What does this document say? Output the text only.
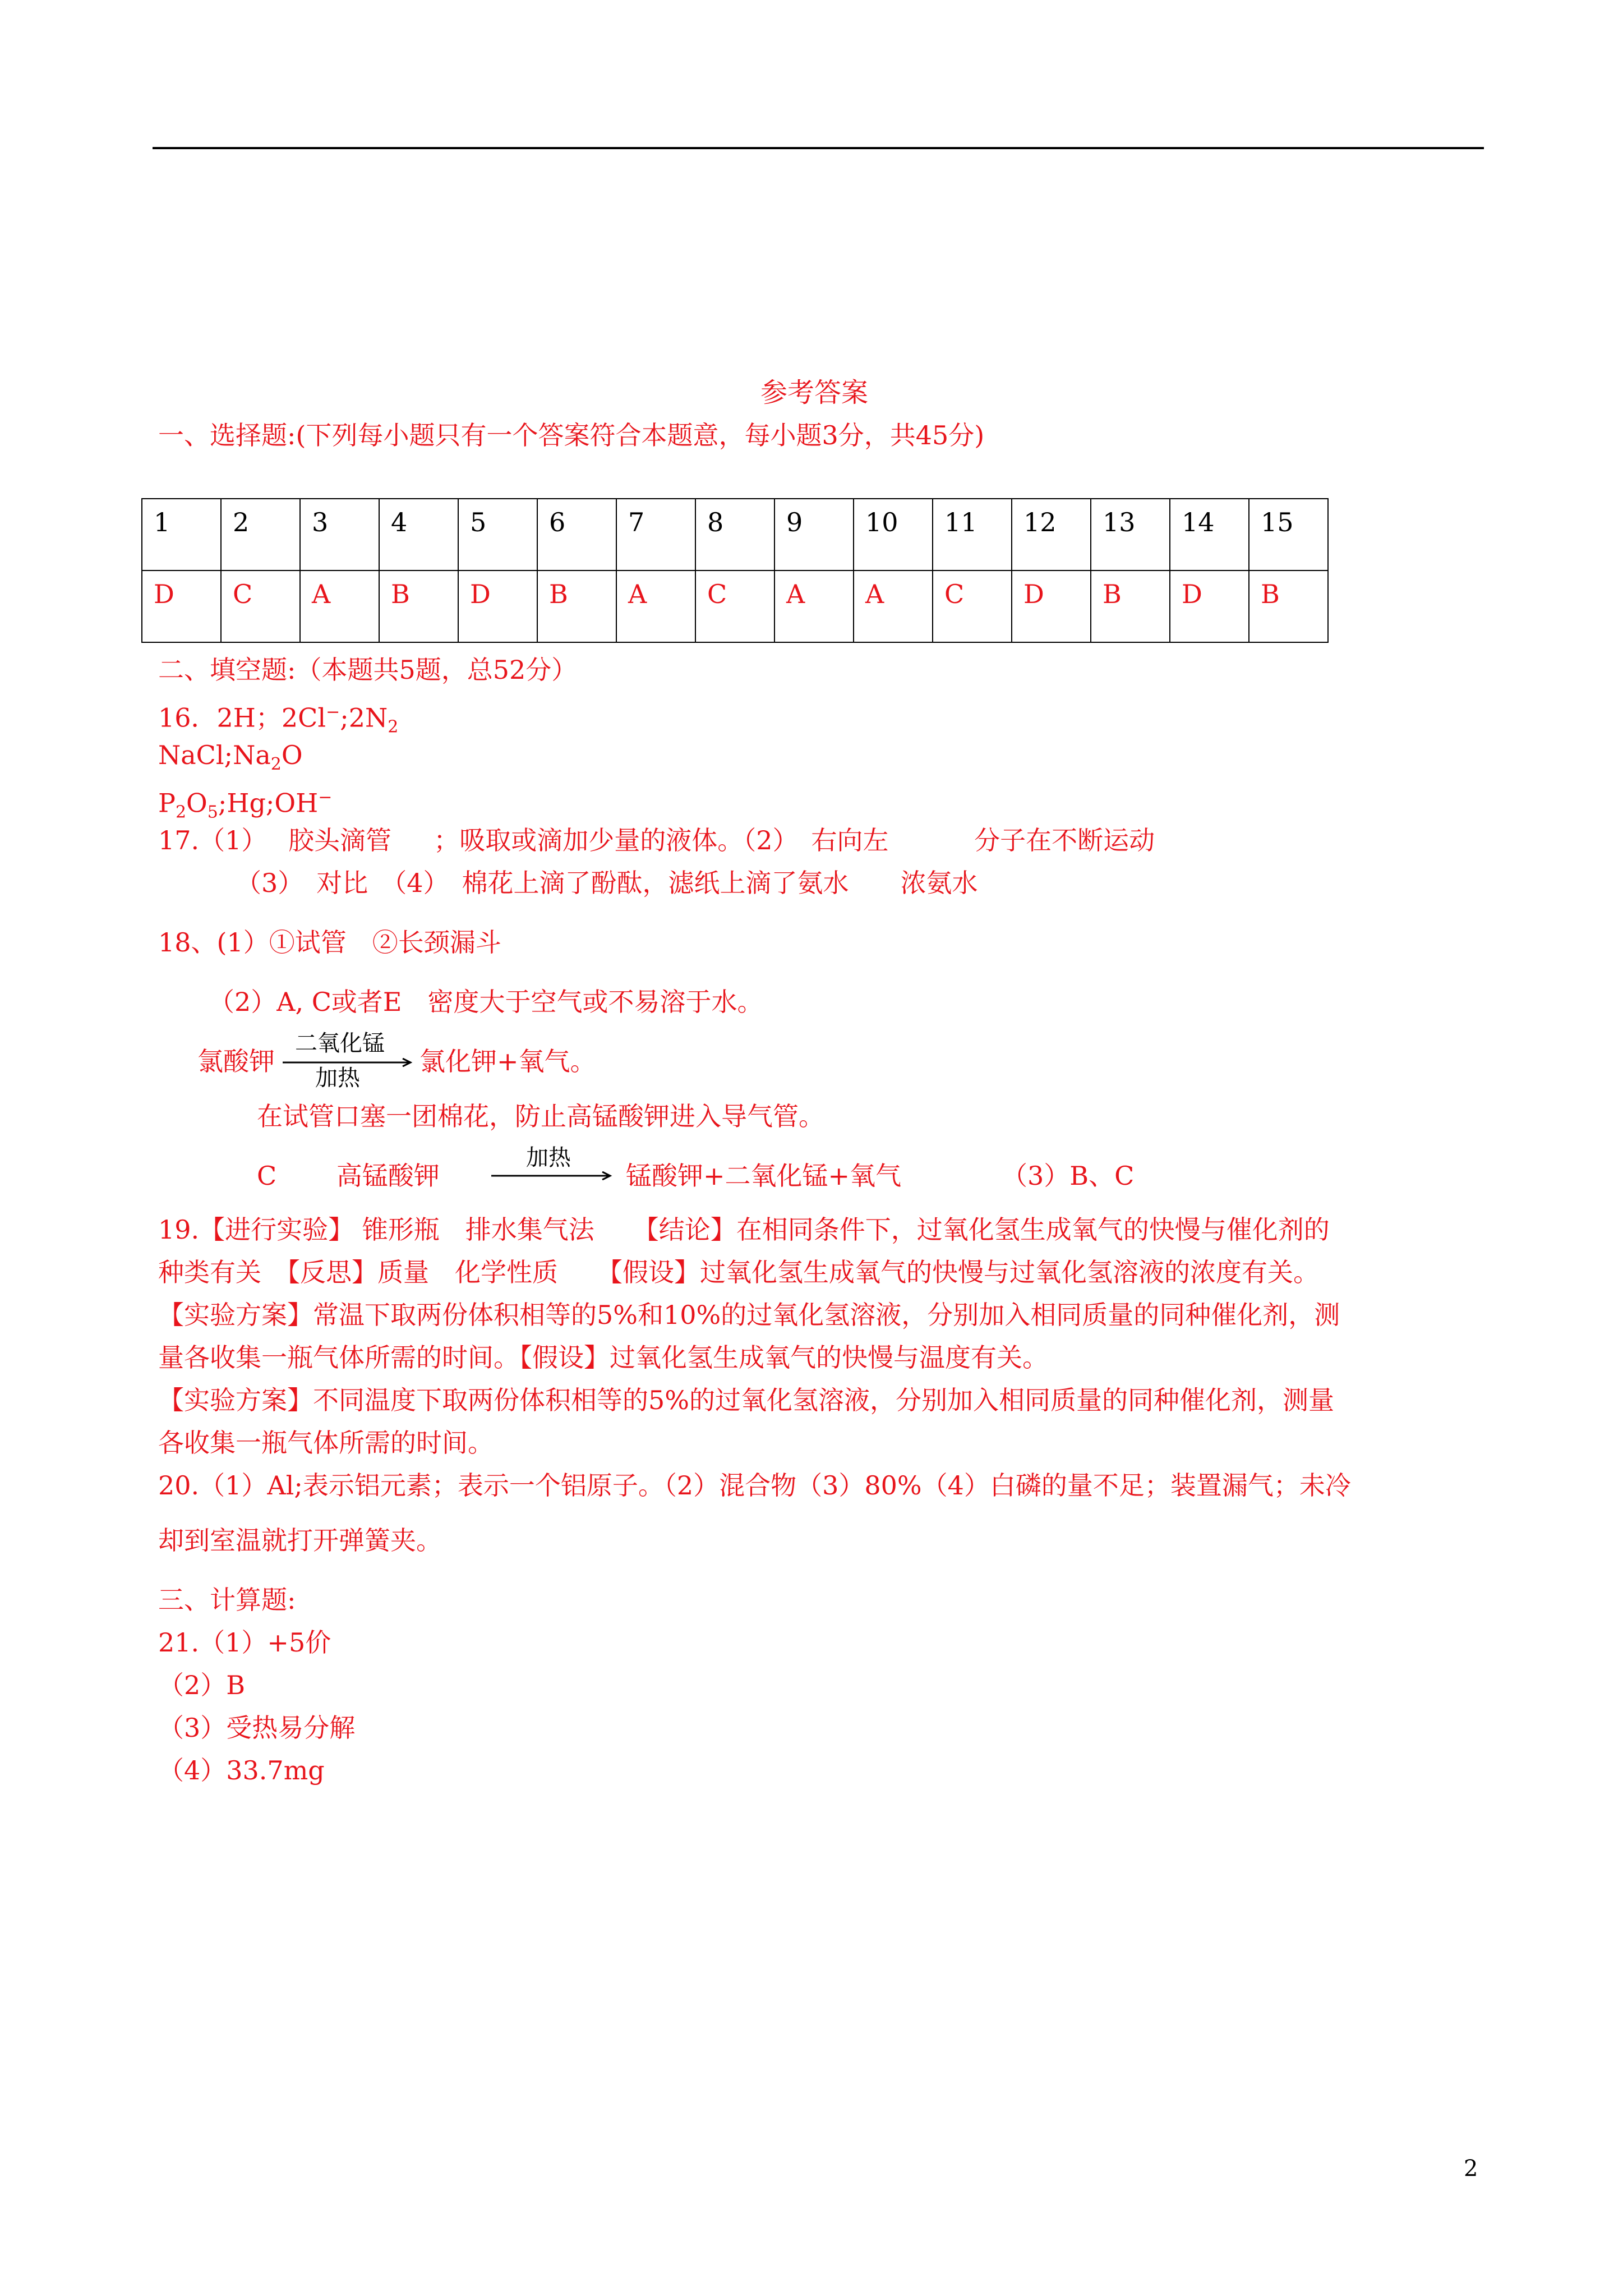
参考答案
一、选择题:(下列每小题只有一个答案符合本题意，每小题3分，共45分)
1	2	3	4	5	6	7	8	9	10	11	12	13	14	15
D	C	A	B	D	B	A	C	A	A	C	D	B	D	B
二、填空题:（本题共5题，总52分）
16．2H；$2Cl^-;2N_2$
$NaCl;Na_2O$
$P_2O_5;Hg;OH^-$
17.（1）　 胶头滴管 　 ；吸取或滴加少量的液体。（2）　右向左　　　 分子在不断运动
（3）　对比　（4）　棉花上滴了酚酞，滤纸上滴了氨水　　浓氨水
18、(1）①试管　②长颈漏斗
（2）A, C或者E　密度大于空气或不易溶于水。
氯酸钾
二氧化锰
加热
氯化钾+氧气。
在试管口塞一团棉花，防止高锰酸钾进入导气管。
C　　 高锰酸钾
加热
锰酸钾+二氧化锰+氧气	（3）B、C
19.【进行实验】 锥形瓶　排水集气法　　【结论】在相同条件下，过氧化氢生成氧气的快慢与催化剂的
种类有关　【反思】质量　化学性质　　【假设】过氧化氢生成氧气的快慢与过氧化氢溶液的浓度有关。
【实验方案】常温下取两份体积相等的5%和10%的过氧化氢溶液，分别加入相同质量的同种催化剂，测
量各收集一瓶气体所需的时间。【假设】过氧化氢生成氧气的快慢与温度有关。
【实验方案】不同温度下取两份体积相等的5%的过氧化氢溶液，分别加入相同质量的同种催化剂，测量
各收集一瓶气体所需的时间。
20.（1）Al;表示铝元素；表示一个铝原子。（2）混合物（3）80%（4）白磷的量不足；装置漏气；未冷
却到室温就打开弹簧夹。
三、计算题:
21.（1）+5价
（2）B
（3）受热易分解
（4）33.7mg
2
